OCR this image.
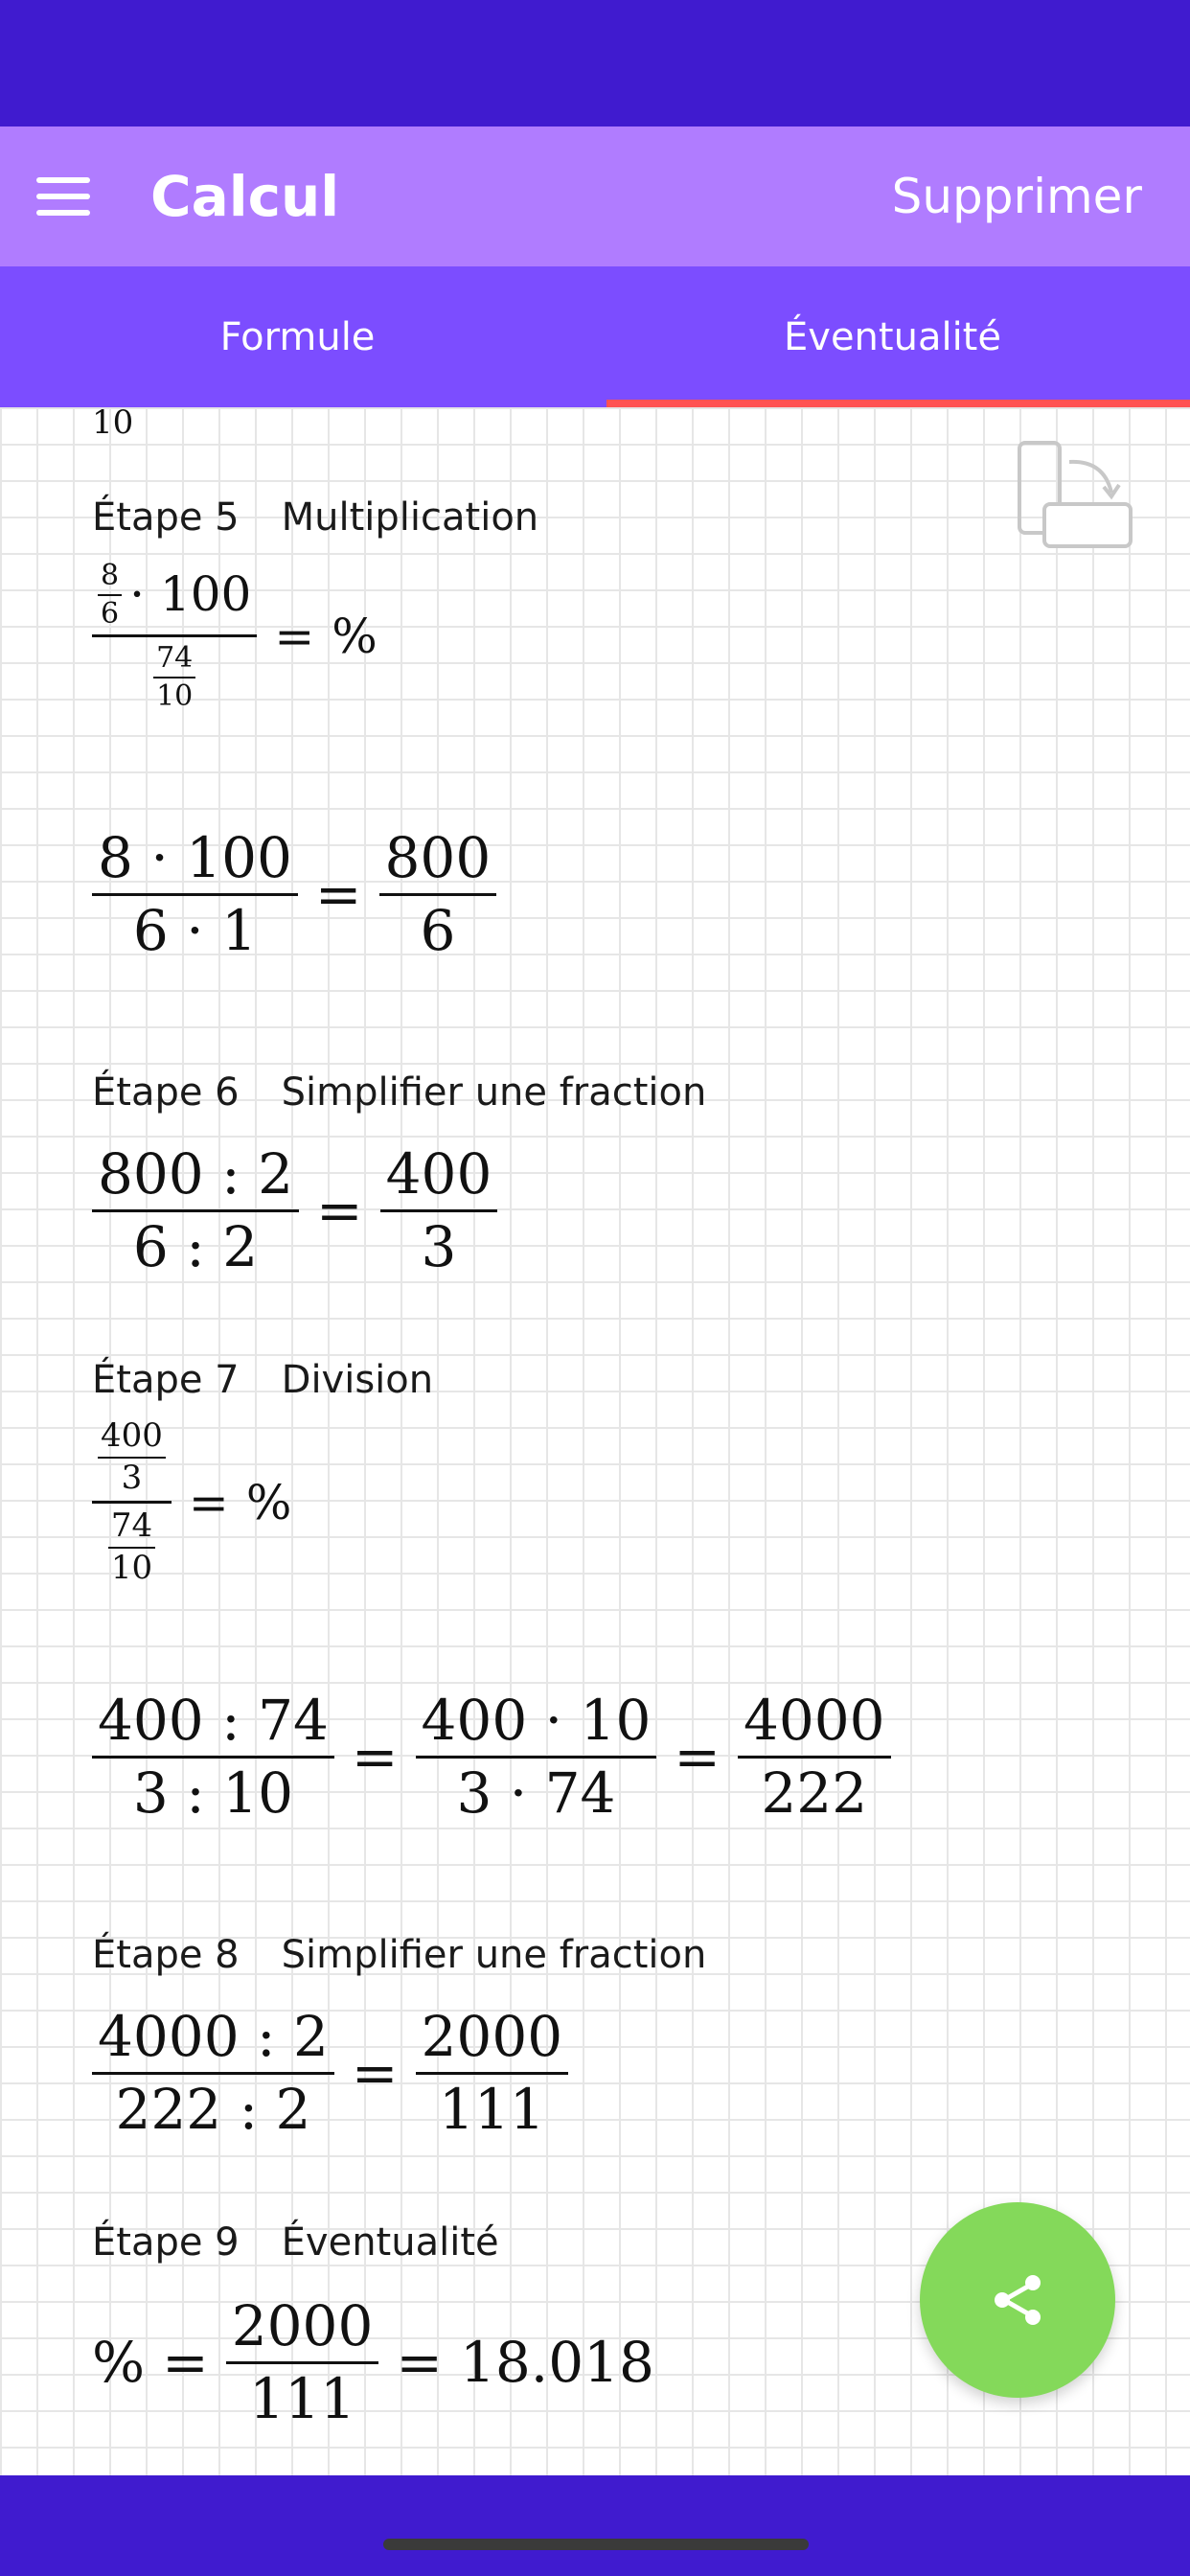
Calcul	Supprimer
Formule	Éventualité
10
Étape 5 Multiplication
$\frac{\frac{8}{6} \cdot 100}{\frac{74}{10}}$ = %
$\frac{8 \cdot 100}{6 \cdot 1} = \frac{800}{6}$
Étape 6 Simplifier une fraction
$\frac{800 : 2}{6 : 2} = \frac{400}{3}$
Étape 7 Division
$\frac{\frac{400}{3}}{\frac{74}{10}}$ = %
$\frac{400 : 74}{3 : 10} = \frac{400 \cdot 10}{3 \cdot 74} = \frac{4000}{222}$
Étape 8 Simplifier une fraction
$\frac{4000 : 2}{222 : 2} = \frac{2000}{111}$
Étape 9 Éventualité
% = $\frac{2000}{111} = 18.018$
